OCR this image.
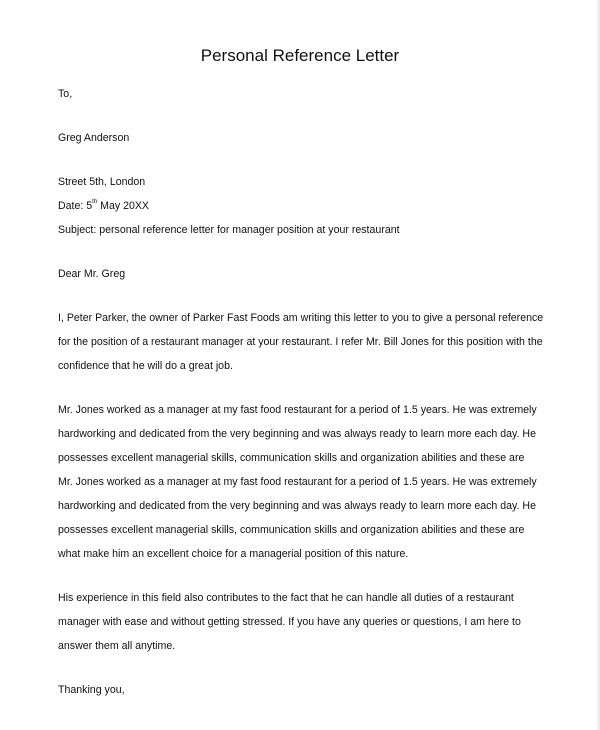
Personal Reference Letter
To,
Greg Anderson
Street 5th, London
Date: 5th May 20XX
Subject: personal reference letter for manager position at your restaurant
Dear Mr. Greg
I, Peter Parker, the owner of Parker Fast Foods am writing this letter to you to give a personal reference
for the position of a restaurant manager at your restaurant. I refer Mr. Bill Jones for this position with the
confidence that he will do a great job.
Mr. Jones worked as a manager at my fast food restaurant for a period of 1.5 years. He was extremely
hardworking and dedicated from the very beginning and was always ready to learn more each day. He
possesses excellent managerial skills, communication skills and organization abilities and these are
Mr. Jones worked as a manager at my fast food restaurant for a period of 1.5 years. He was extremely
hardworking and dedicated from the very beginning and was always ready to learn more each day. He
possesses excellent managerial skills, communication skills and organization abilities and these are
what make him an excellent choice for a managerial position of this nature.
His experience in this field also contributes to the fact that he can handle all duties of a restaurant
manager with ease and without getting stressed. If you have any queries or questions, I am here to
answer them all anytime.
Thanking you,
